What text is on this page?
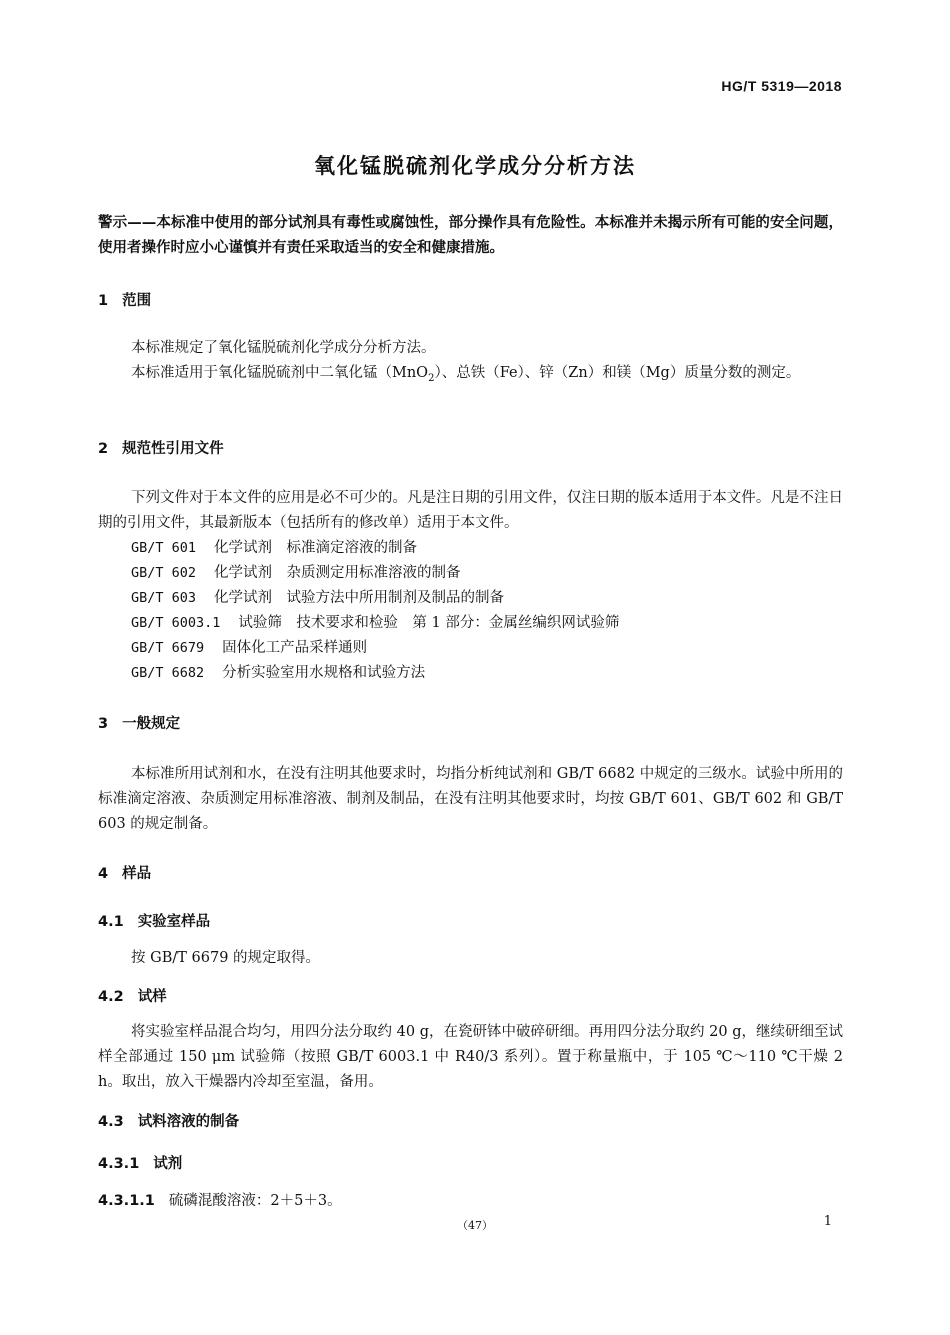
HG/T 5319—2018
氧化锰脱硫剂化学成分分析方法
警示——本标准中使用的部分试剂具有毒性或腐蚀性，部分操作具有危险性。本标准并未揭示所有可能的安全问题，使用者操作时应小心谨慎并有责任采取适当的安全和健康措施。
1 范围
本标准规定了氧化锰脱硫剂化学成分分析方法。
本标准适用于氧化锰脱硫剂中二氧化锰（MnO$_2$）、总铁（Fe）、锌（Zn）和镁（Mg）质量分数的测定。
2 规范性引用文件
下列文件对于本文件的应用是必不可少的。凡是注日期的引用文件，仅注日期的版本适用于本文件。凡是不注日期的引用文件，其最新版本（包括所有的修改单）适用于本文件。
GB/T 601 化学试剂　标准滴定溶液的制备
GB/T 602 化学试剂　杂质测定用标准溶液的制备
GB/T 603 化学试剂　试验方法中所用制剂及制品的制备
GB/T 6003.1 试验筛　技术要求和检验　第 1 部分：金属丝编织网试验筛
GB/T 6679 固体化工产品采样通则
GB/T 6682 分析实验室用水规格和试验方法
3 一般规定
本标准所用试剂和水，在没有注明其他要求时，均指分析纯试剂和 GB/T 6682 中规定的三级水。试验中所用的标准滴定溶液、杂质测定用标准溶液、制剂及制品，在没有注明其他要求时，均按 GB/T 601、GB/T 602 和 GB/T 603 的规定制备。
4 样品
4.1 实验室样品
按 GB/T 6679 的规定取得。
4.2 试样
将实验室样品混合均匀，用四分法分取约 40 g，在瓷研钵中破碎研细。再用四分法分取约 20 g，继续研细至试样全部通过 150 μm 试验筛（按照 GB/T 6003.1 中 R40/3 系列）。置于称量瓶中，于 105 ℃～110 ℃干燥 2 h。取出，放入干燥器内冷却至室温，备用。
4.3 试料溶液的制备
4.3.1 试剂
4.3.1.1 硫磷混酸溶液：2＋5＋3。
（47）	1
